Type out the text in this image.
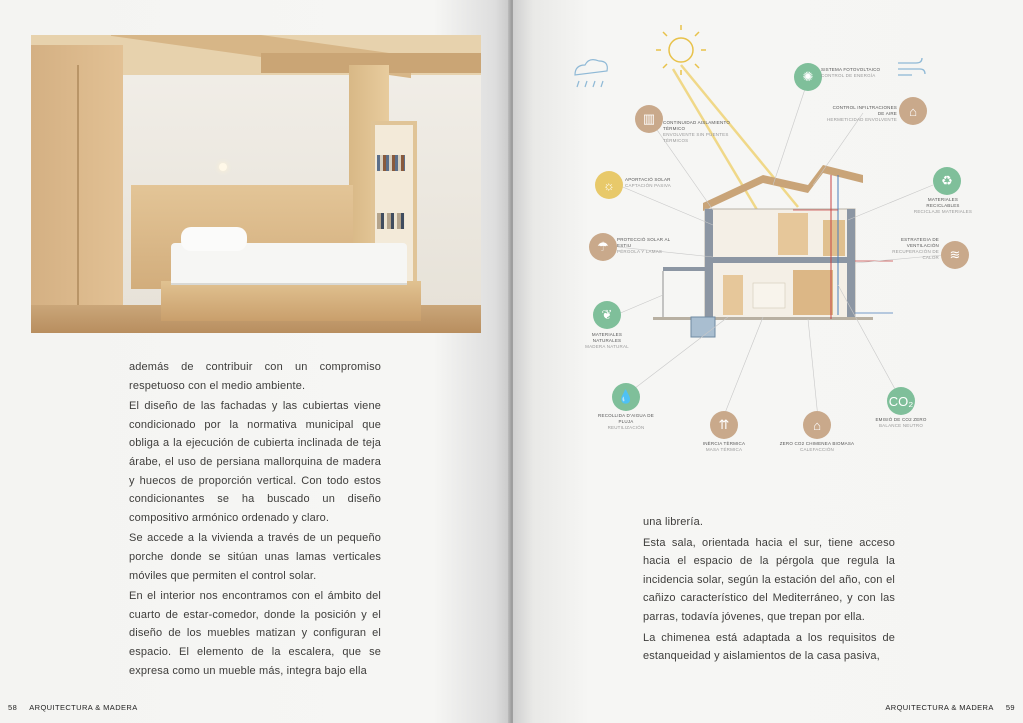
además de contribuir con un compromiso respetuoso con el medio ambiente.

El diseño de las fachadas y las cubiertas viene condicionado por la normativa municipal que obliga a la ejecución de cubierta inclinada de teja árabe, el uso de persiana mallorquina de madera y huecos de proporción vertical. Con todo estos condicionantes se ha buscado un diseño compositivo armónico ordenado y claro.

Se accede a la vivienda a través de un pequeño porche donde se sitúan unas lamas verticales móviles que permiten el control solar.

En el interior nos encontramos con el ámbito del cuarto de estar-comedor, donde la posición y el diseño de los muebles matizan y configuran el espacio. El elemento de la escalera, que se expresa como un mueble más, integra bajo ella

58 ARQUITECTURA & MADERA
✺	SISTEMA FOTOVOLTAICO
CONTROL DE ENERGÍA
⌂
CONTROL INFILTRACIONES DE AIRE
HERMETICIDAD ENVOLVENTE
▥	CONTINUIDAD AISLAMIENTO TÉRMICO
ENVOLVENTE SIN PUENTES TÉRMICOS
☼	APORTACIÓ SOLAR
CAPTACIÓN PASIVA	♻
MATERIALES RECICLABLES
RECICLAJE MATERIALES
☂	PROTECCIÓ SOLAR AL ESTIU
PÉRGOLA Y LAMAS	≋
ESTRATEGIA DE VENTILACIÓN
RECUPERACIÓN DE CALOR
❦
MATERIALES NATURALES
MADERA NATURAL
💧
RECOLLIDA D'AIGUA DE PLUJA
REUTILIZACIÓN	⇈
INÈRCIA TÈRMICA
MASA TÉRMICA
⌂
ZERO CO2 CHIMENEA BIOMASA
CALEFACCIÓN
CO₂
EMISIÓ DE CO2 ZERO
BALANCE NEUTRO

una librería.

Esta sala, orientada hacia el sur, tiene acceso hacia el espacio de la pérgola que regula la incidencia solar, según la estación del año, con el cañizo característico del Mediterráneo, y con las parras, todavía jóvenes, que trepan por ella.

La chimenea está adaptada a los requisitos de estanqueidad y aislamientos de la casa pasiva,

ARQUITECTURA & MADERA 59
